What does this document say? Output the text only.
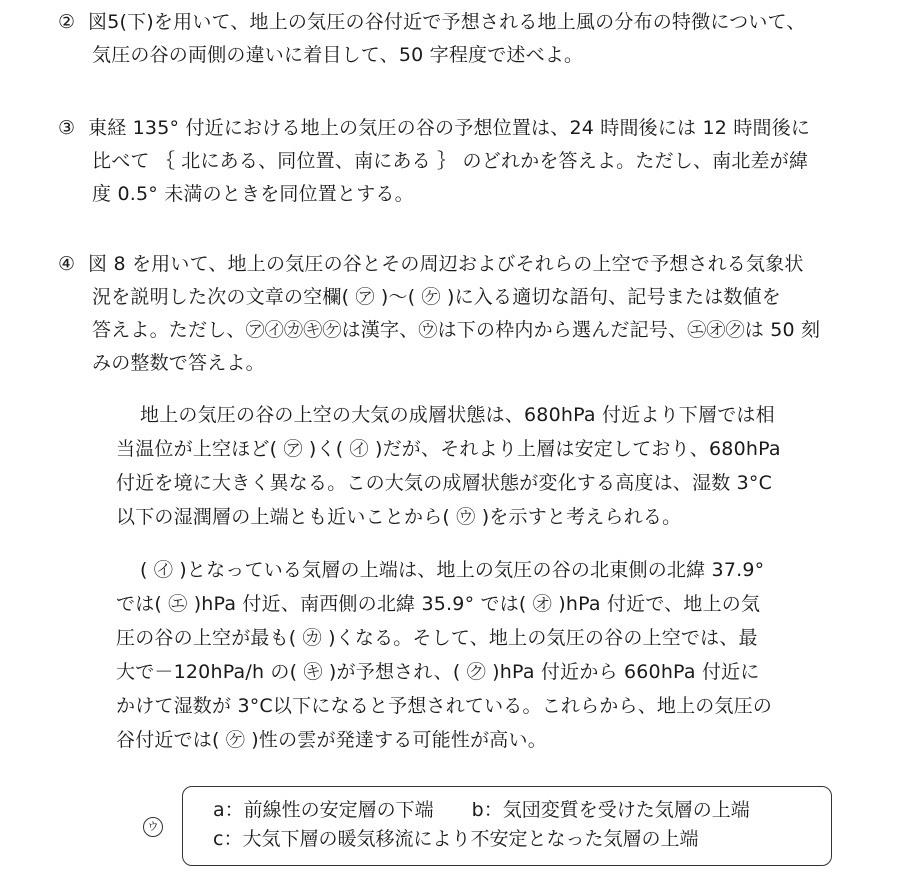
② 図5(下)を用いて、地上の気圧の谷付近で予想される地上風の分布の特徴について、
気圧の谷の両側の違いに着目して、50 字程度で述べよ。
③ 東経 135° 付近における地上の気圧の谷の予想位置は、24 時間後には 12 時間後に
比べて ｛ 北にある、同位置、南にある ｝ のどれかを答えよ。ただし、南北差が緯
度 0.5° 未満のときを同位置とする。
④ 図 8 を用いて、地上の気圧の谷とその周辺およびそれらの上空で予想される気象状
況を説明した次の文章の空欄( ㋐ )〜( ㋘ )に入る適切な語句、記号または数値を
答えよ。ただし、㋐㋑㋕㋖㋘は漢字、㋒は下の枠内から選んだ記号、㋓㋔㋗は 50 刻
みの整数で答えよ。
地上の気圧の谷の上空の大気の成層状態は、680hPa 付近より下層では相
当温位が上空ほど( ㋐ )く( ㋑ )だが、それより上層は安定しており、680hPa
付近を境に大きく異なる。この大気の成層状態が変化する高度は、湿数 3°C
以下の湿潤層の上端とも近いことから( ㋒ )を示すと考えられる。
( ㋑ )となっている気層の上端は、地上の気圧の谷の北東側の北緯 37.9°
では( ㋓ )hPa 付近、南西側の北緯 35.9° では( ㋔ )hPa 付近で、地上の気
圧の谷の上空が最も( ㋕ )くなる。そして、地上の気圧の谷の上空では、最
大で－120hPa/h の( ㋖ )が予想され、( ㋗ )hPa 付近から 660hPa 付近に
かけて湿数が 3°C以下になると予想されている。これらから、地上の気圧の
谷付近では( ㋘ )性の雲が発達する可能性が高い。
ウ
a：前線性の安定層の下端　　b：気団変質を受けた気層の上端
c：大気下層の暖気移流により不安定となった気層の上端
